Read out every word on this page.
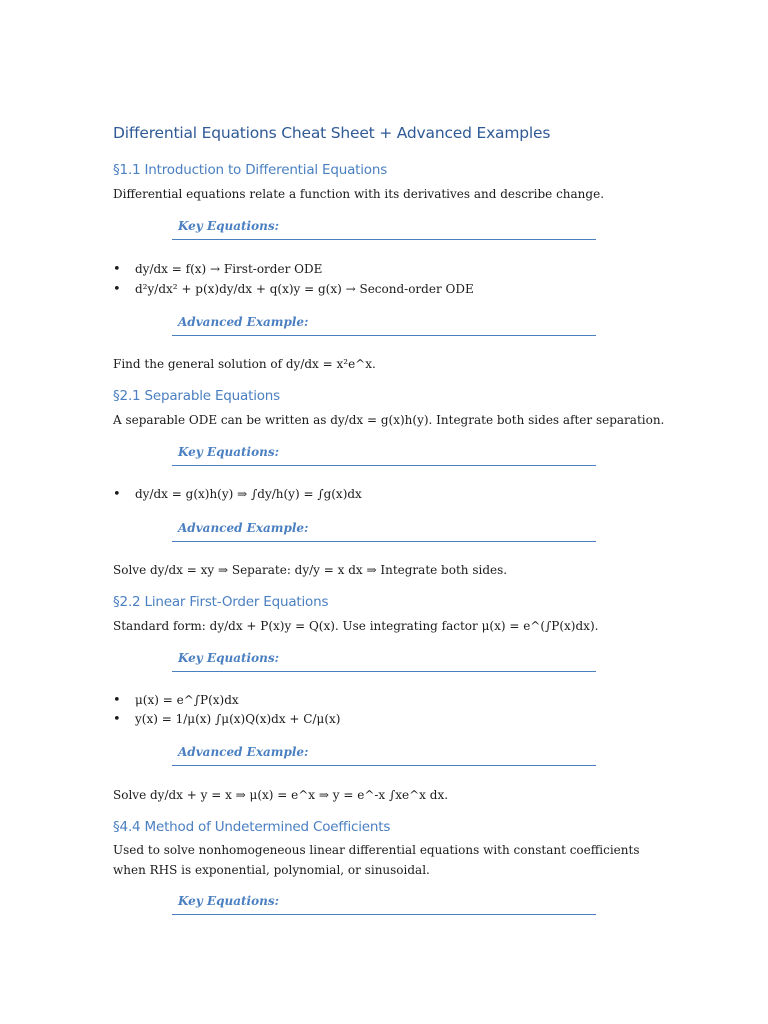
Differential Equations Cheat Sheet + Advanced Examples
§1.1 Introduction to Differential Equations
Differential equations relate a function with its derivatives and describe change.
Key Equations:
• dy/dx = f(x) → First-order ODE
• d²y/dx² + p(x)dy/dx + q(x)y = g(x) → Second-order ODE
Advanced Example:
Find the general solution of dy/dx = x²e^x.
§2.1 Separable Equations
A separable ODE can be written as dy/dx = g(x)h(y). Integrate both sides after separation.
Key Equations:
• dy/dx = g(x)h(y) ⇒ ∫dy/h(y) = ∫g(x)dx
Advanced Example:
Solve dy/dx = xy ⇒ Separate: dy/y = x dx ⇒ Integrate both sides.
§2.2 Linear First-Order Equations
Standard form: dy/dx + P(x)y = Q(x). Use integrating factor μ(x) = e^(∫P(x)dx).
Key Equations:
• μ(x) = e^∫P(x)dx
• y(x) = 1/μ(x) ∫μ(x)Q(x)dx + C/μ(x)
Advanced Example:
Solve dy/dx + y = x ⇒ μ(x) = e^x ⇒ y = e^-x ∫xe^x dx.
§4.4 Method of Undetermined Coefficients
Used to solve nonhomogeneous linear differential equations with constant coefficients
when RHS is exponential, polynomial, or sinusoidal.
Key Equations:
